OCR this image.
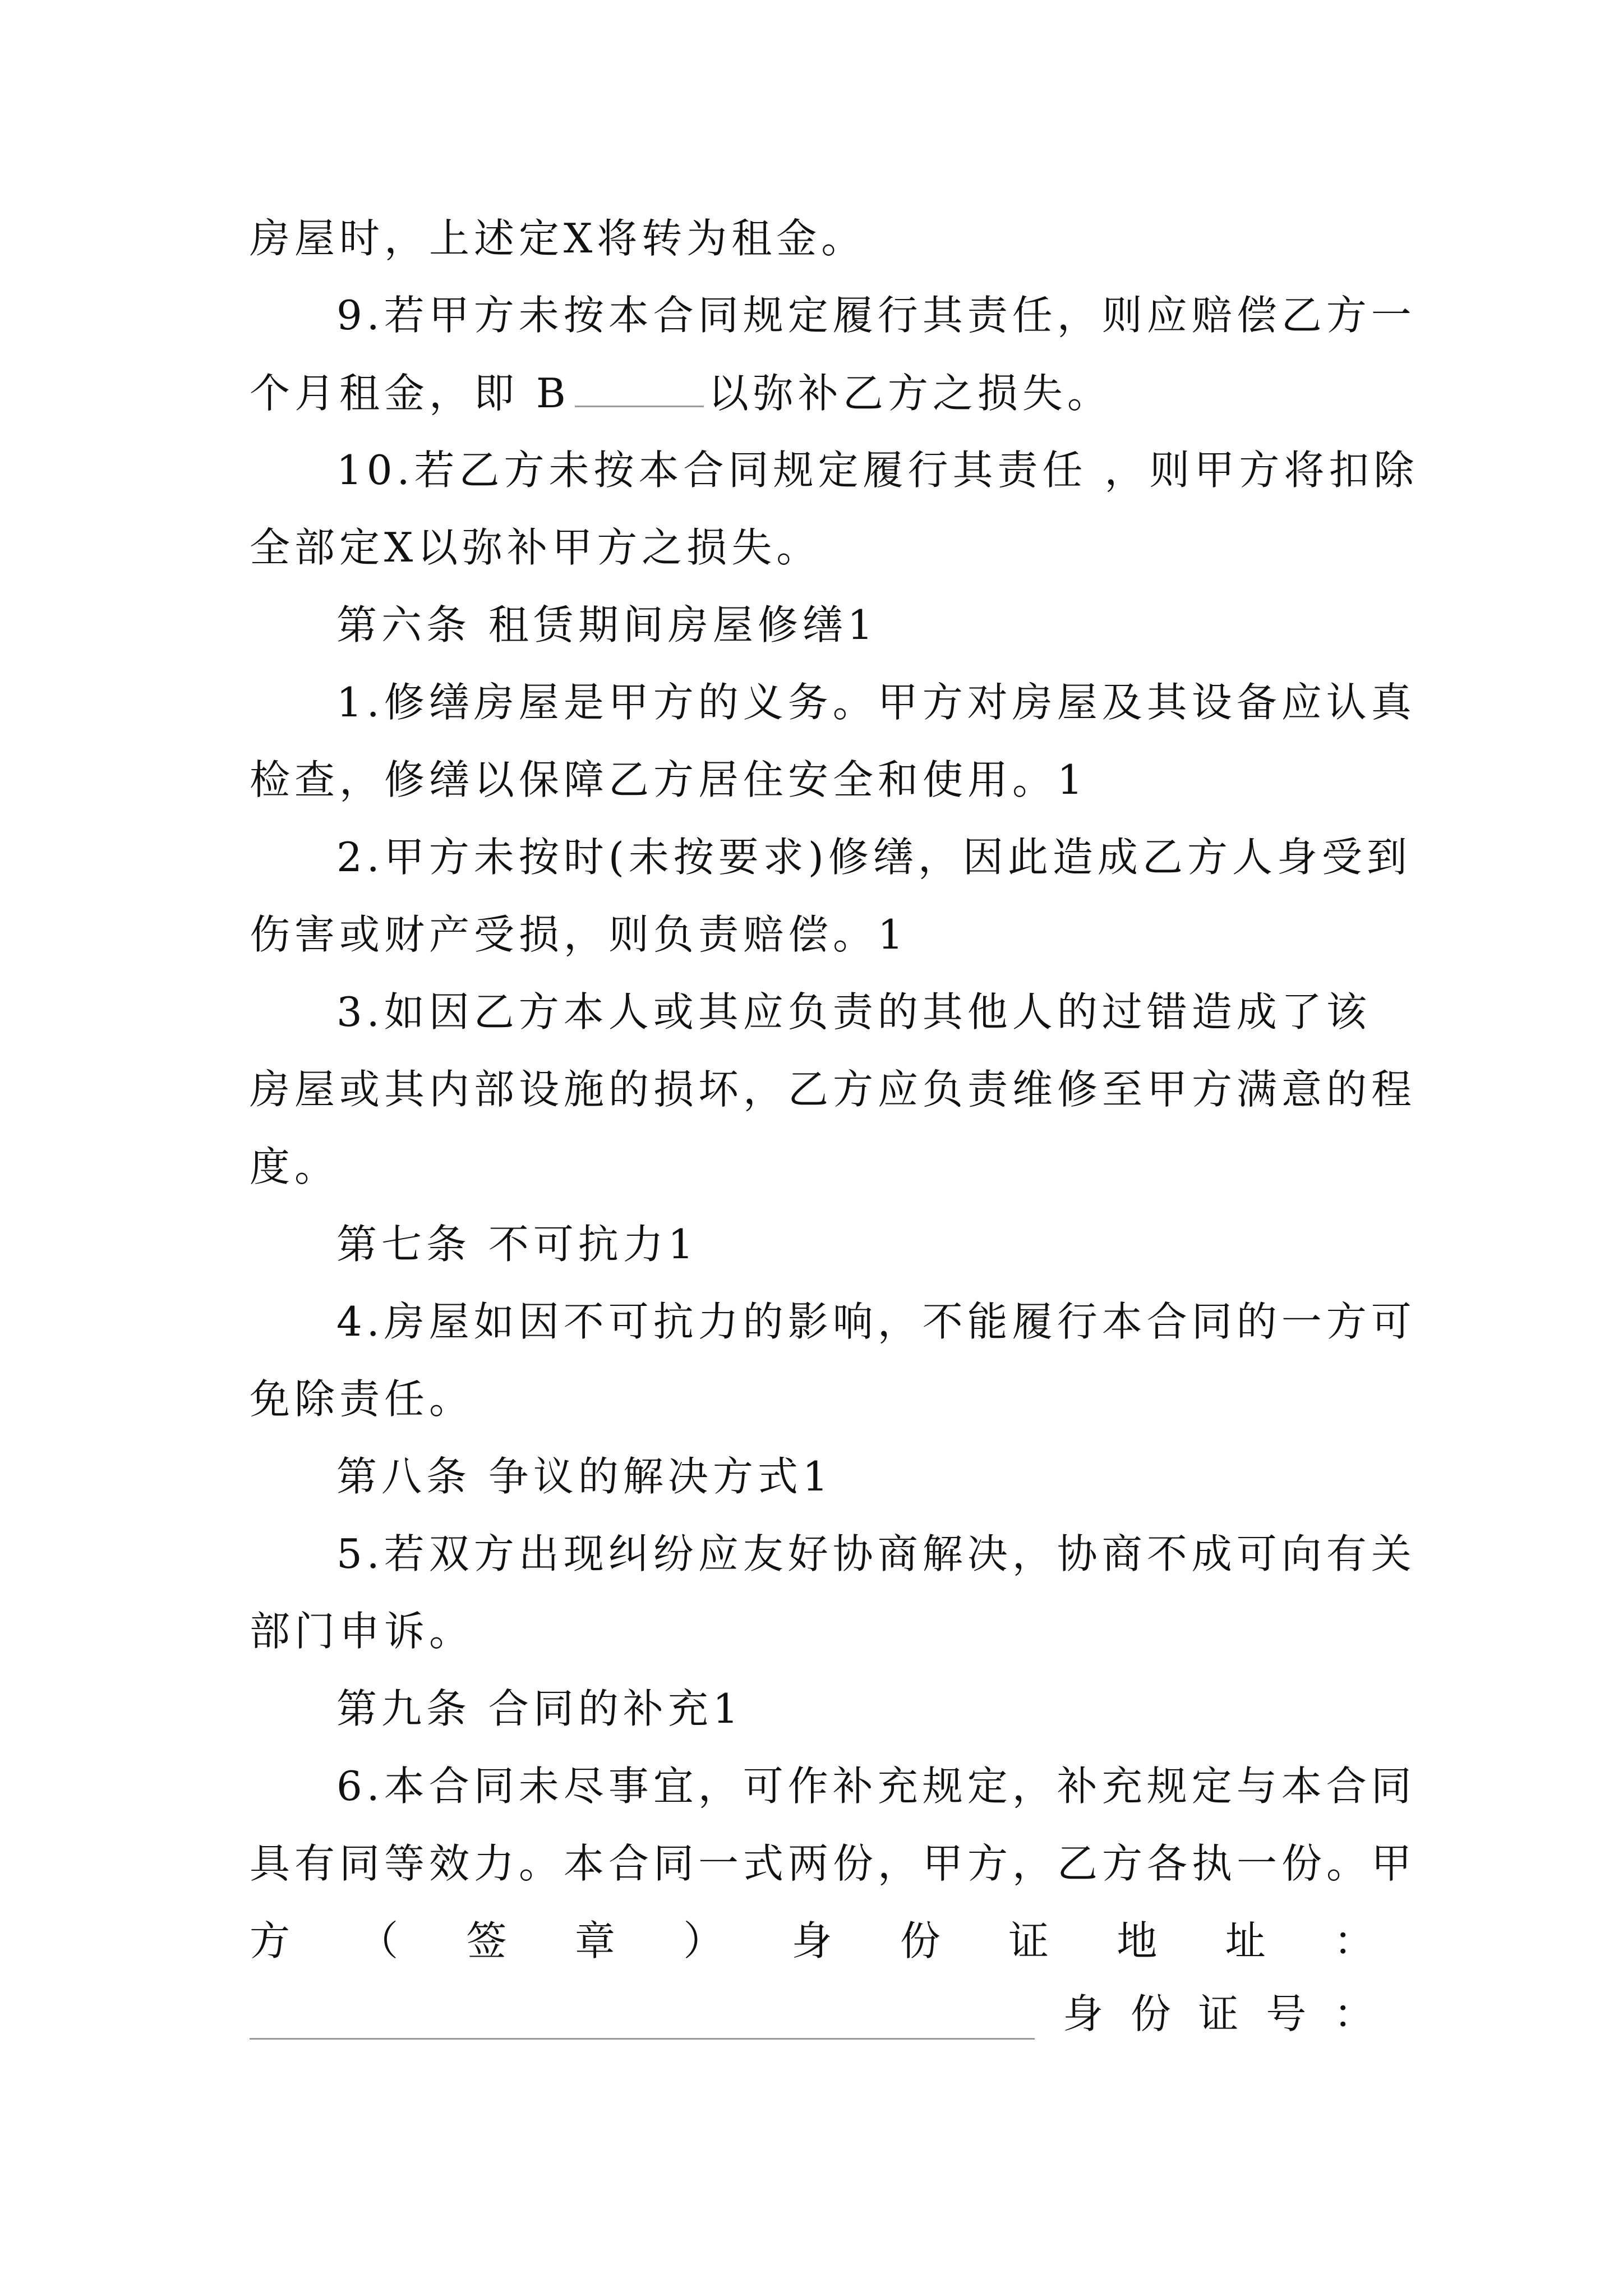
房屋时，上述定X将转为租金。
9.若甲方未按本合同规定履行其责任，则应赔偿乙方一
个月租金，即 B	以弥补乙方之损失。
10.若乙方未按本合同规定履行其责任 ，则甲方将扣除
全部定X以弥补甲方之损失。
第六条 租赁期间房屋修缮1
1.修缮房屋是甲方的义务。甲方对房屋及其设备应认真
检查，修缮以保障乙方居住安全和使用。1
2.甲方未按时(未按要求)修缮，因此造成乙方人身受到
伤害或财产受损，则负责赔偿。1
3.如因乙方本人或其应负责的其他人的过错造成了该
房屋或其内部设施的损坏，乙方应负责维修至甲方满意的程
度。
第七条 不可抗力1
4.房屋如因不可抗力的影响，不能履行本合同的一方可
免除责任。
第八条 争议的解决方式1
5.若双方出现纠纷应友好协商解决，协商不成可向有关
部门申诉。
第九条 合同的补充1
6.本合同未尽事宜，可作补充规定，补充规定与本合同
具有同等效力。本合同一式两份，甲方，乙方各执一份。甲
方 （ 签 章 ） 身 份 证 地 址 ：
身 份 证 号 ：
